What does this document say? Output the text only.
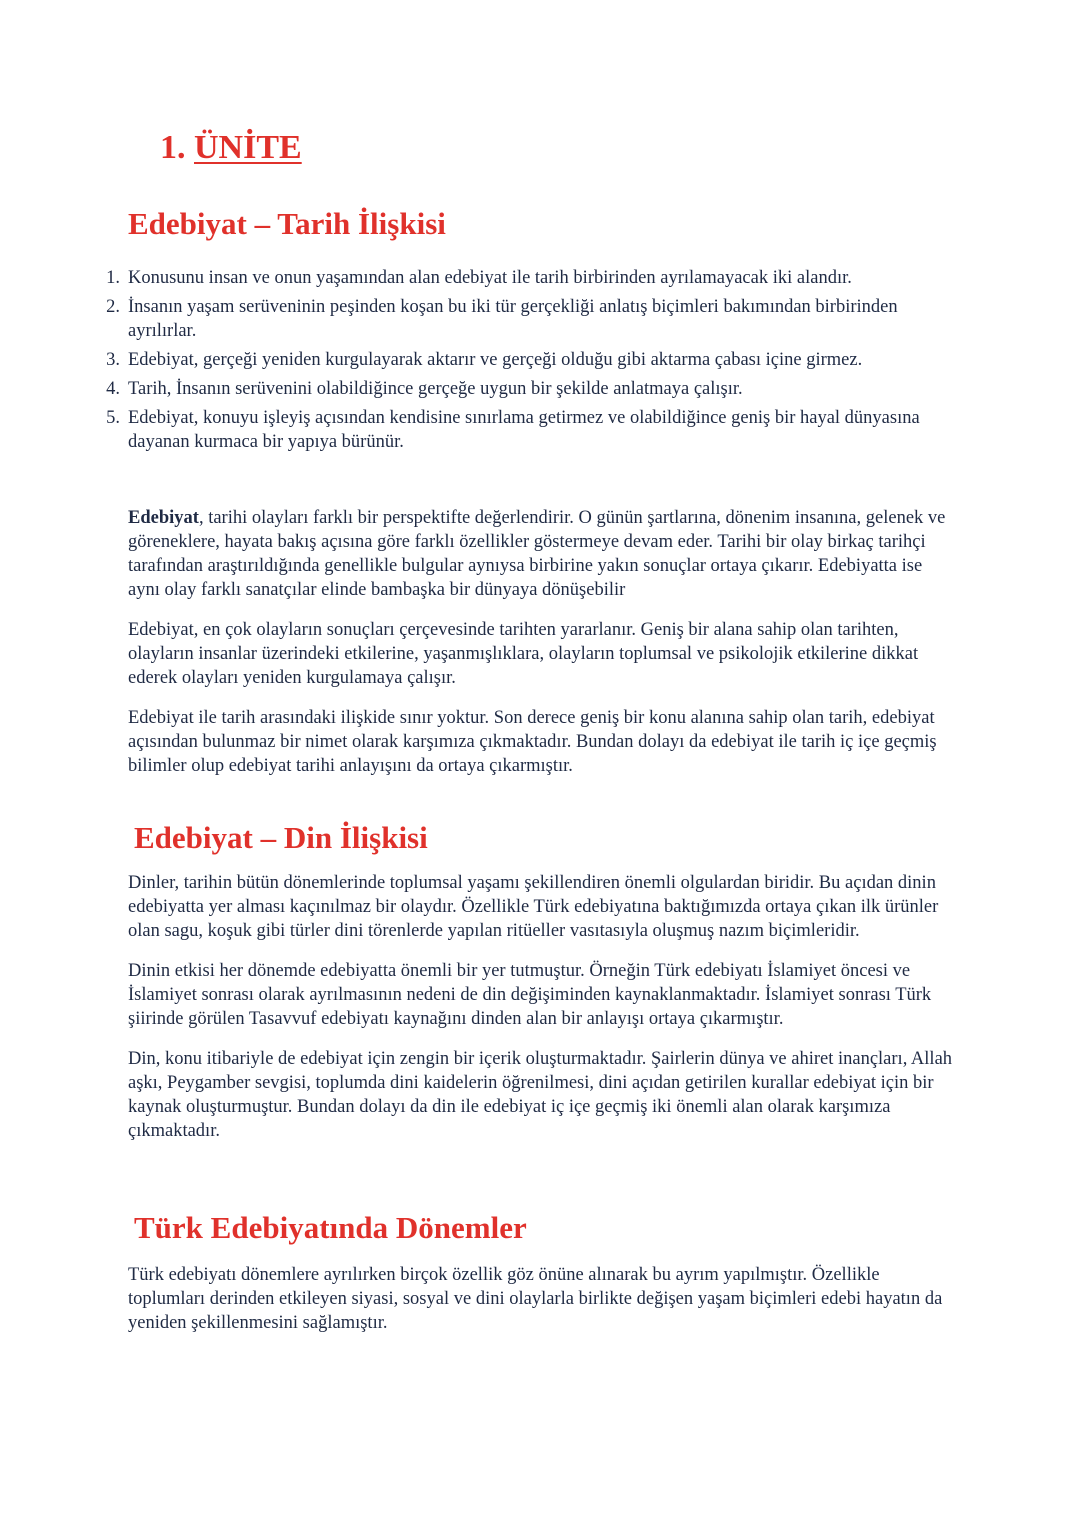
1. ÜNİTE
Edebiyat – Tarih İlişkisi
1. Konusunu insan ve onun yaşamından alan edebiyat ile tarih birbirinden ayrılamayacak iki alandır.
2. İnsanın yaşam serüveninin peşinden koşan bu iki tür gerçekliği anlatış biçimleri bakımından birbirinden ayrılırlar.
3. Edebiyat, gerçeği yeniden kurgulayarak aktarır ve gerçeği olduğu gibi aktarma çabası içine girmez.
4. Tarih, İnsanın serüvenini olabildiğince gerçeğe uygun bir şekilde anlatmaya çalışır.
5. Edebiyat, konuyu işleyiş açısından kendisine sınırlama getirmez ve olabildiğince geniş bir hayal dünyasına dayanan kurmaca bir yapıya bürünür.

Edebiyat, tarihi olayları farklı bir perspektifte değerlendirir. O günün şartlarına, dönenim insanına, gelenek ve göreneklere, hayata bakış açısına göre farklı özellikler göstermeye devam eder. Tarihi bir olay birkaç tarihçi tarafından araştırıldığında genellikle bulgular aynıysa birbirine yakın sonuçlar ortaya çıkarır. Edebiyatta ise aynı olay farklı sanatçılar elinde bambaşka bir dünyaya dönüşebilir

Edebiyat, en çok olayların sonuçları çerçevesinde tarihten yararlanır. Geniş bir alana sahip olan tarihten, olayların insanlar üzerindeki etkilerine, yaşanmışlıklara, olayların toplumsal ve psikolojik etkilerine dikkat ederek olayları yeniden kurgulamaya çalışır.

Edebiyat ile tarih arasındaki ilişkide sınır yoktur. Son derece geniş bir konu alanına sahip olan tarih, edebiyat açısından bulunmaz bir nimet olarak karşımıza çıkmaktadır. Bundan dolayı da edebiyat ile tarih iç içe geçmiş bilimler olup edebiyat tarihi anlayışını da ortaya çıkarmıştır.

Edebiyat – Din İlişkisi

Dinler, tarihin bütün dönemlerinde toplumsal yaşamı şekillendiren önemli olgulardan biridir. Bu açıdan dinin edebiyatta yer alması kaçınılmaz bir olaydır. Özellikle Türk edebiyatına baktığımızda ortaya çıkan ilk ürünler olan sagu, koşuk gibi türler dini törenlerde yapılan ritüeller vasıtasıyla oluşmuş nazım biçimleridir.

Dinin etkisi her dönemde edebiyatta önemli bir yer tutmuştur. Örneğin Türk edebiyatı İslamiyet öncesi ve İslamiyet sonrası olarak ayrılmasının nedeni de din değişiminden kaynaklanmaktadır. İslamiyet sonrası Türk şiirinde görülen Tasavvuf edebiyatı kaynağını dinden alan bir anlayışı ortaya çıkarmıştır.

Din, konu itibariyle de edebiyat için zengin bir içerik oluşturmaktadır. Şairlerin dünya ve ahiret inançları, Allah aşkı, Peygamber sevgisi, toplumda dini kaidelerin öğrenilmesi, dini açıdan getirilen kurallar edebiyat için bir kaynak oluşturmuştur. Bundan dolayı da din ile edebiyat iç içe geçmiş iki önemli alan olarak karşımıza çıkmaktadır.

Türk Edebiyatında Dönemler

Türk edebiyatı dönemlere ayrılırken birçok özellik göz önüne alınarak bu ayrım yapılmıştır. Özellikle toplumları derinden etkileyen siyasi, sosyal ve dini olaylarla birlikte değişen yaşam biçimleri edebi hayatın da yeniden şekillenmesini sağlamıştır.
